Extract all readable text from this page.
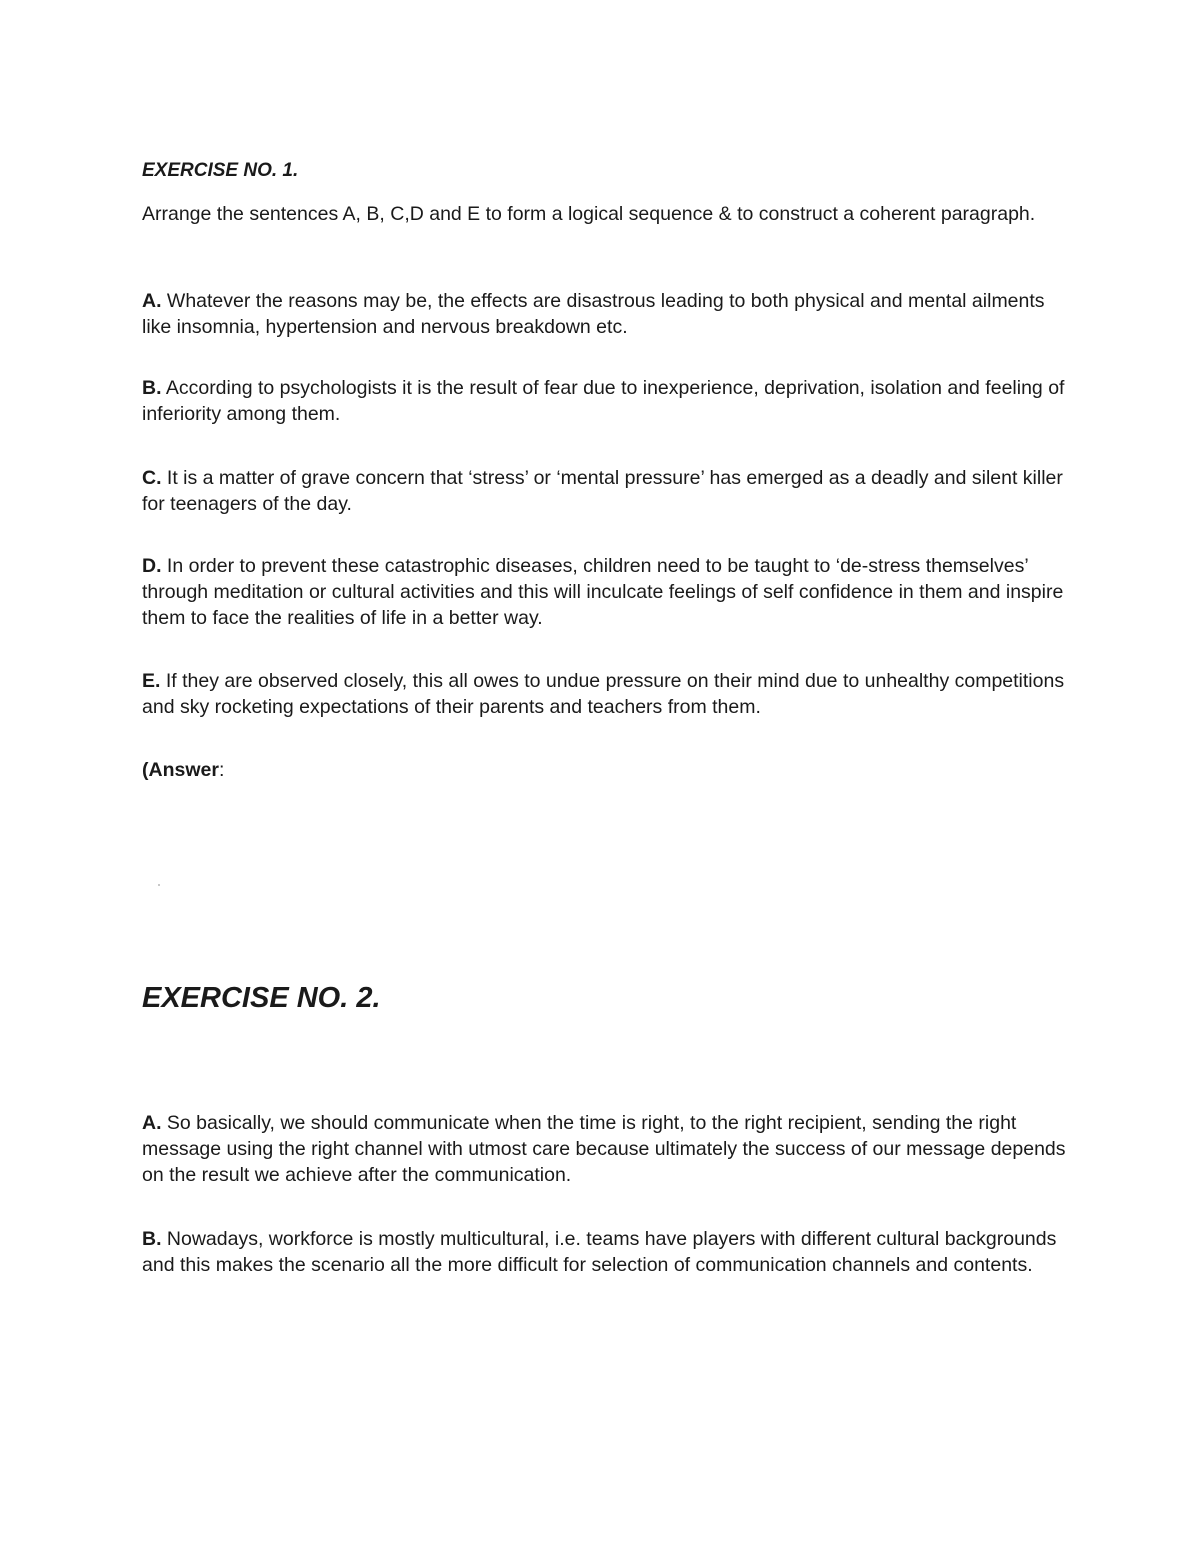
EXERCISE NO. 1.

Arrange the sentences A, B, C,D and E to form a logical sequence & to construct a coherent paragraph.

A. Whatever the reasons may be, the effects are disastrous leading to both physical and mental ailments like insomnia, hypertension and nervous breakdown etc.

B. According to psychologists it is the result of fear due to inexperience, deprivation, isolation and feeling of inferiority among them.

C. It is a matter of grave concern that ‘stress’ or ‘mental pressure’ has emerged as a deadly and silent killer for teenagers of the day.

D. In order to prevent these catastrophic diseases, children need to be taught to ‘de-stress themselves’ through meditation or cultural activities and this will inculcate feelings of self confidence in them and inspire them to face the realities of life in a better way.

E. If they are observed closely, this all owes to undue pressure on their mind due to unhealthy competitions and sky rocketing expectations of their parents and teachers from them.

(Answer:

EXERCISE NO. 2.

A. So basically, we should communicate when the time is right, to the right recipient, sending the right message using the right channel with utmost care because ultimately the success of our message depends on the result we achieve after the communication.

B. Nowadays, workforce is mostly multicultural, i.e. teams have players with different cultural backgrounds and this makes the scenario all the more difficult for selection of communication channels and contents.
